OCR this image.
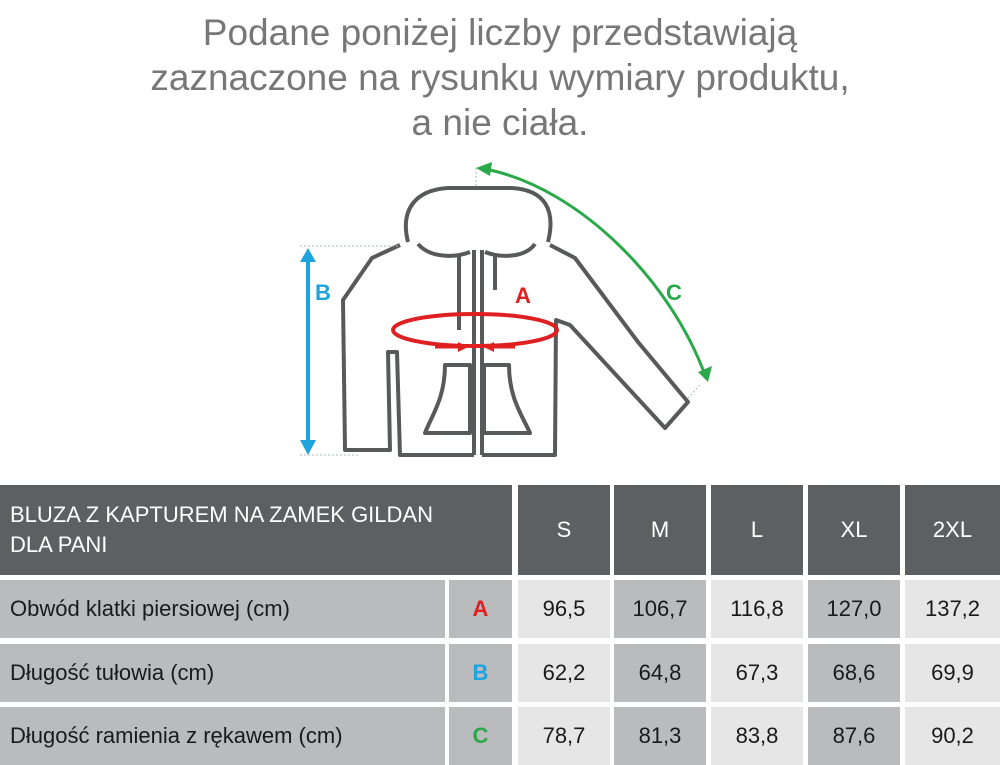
Podane poniżej liczby przedstawiają
zaznaczone na rysunku wymiary produktu,
a nie ciała.
A
B	C
BLUZA Z KAPTUREM NA ZAMEK GILDAN
DLA PANI
S	M	L	XL	2XL
Obwód klatki piersiowej (cm)	A	96,5	106,7	116,8	127,0	137,2
Długość tułowia (cm)	B	62,2	64,8	67,3	68,6	69,9
Długość ramienia z rękawem (cm)	C	78,7	81,3	83,8	87,6	90,2
